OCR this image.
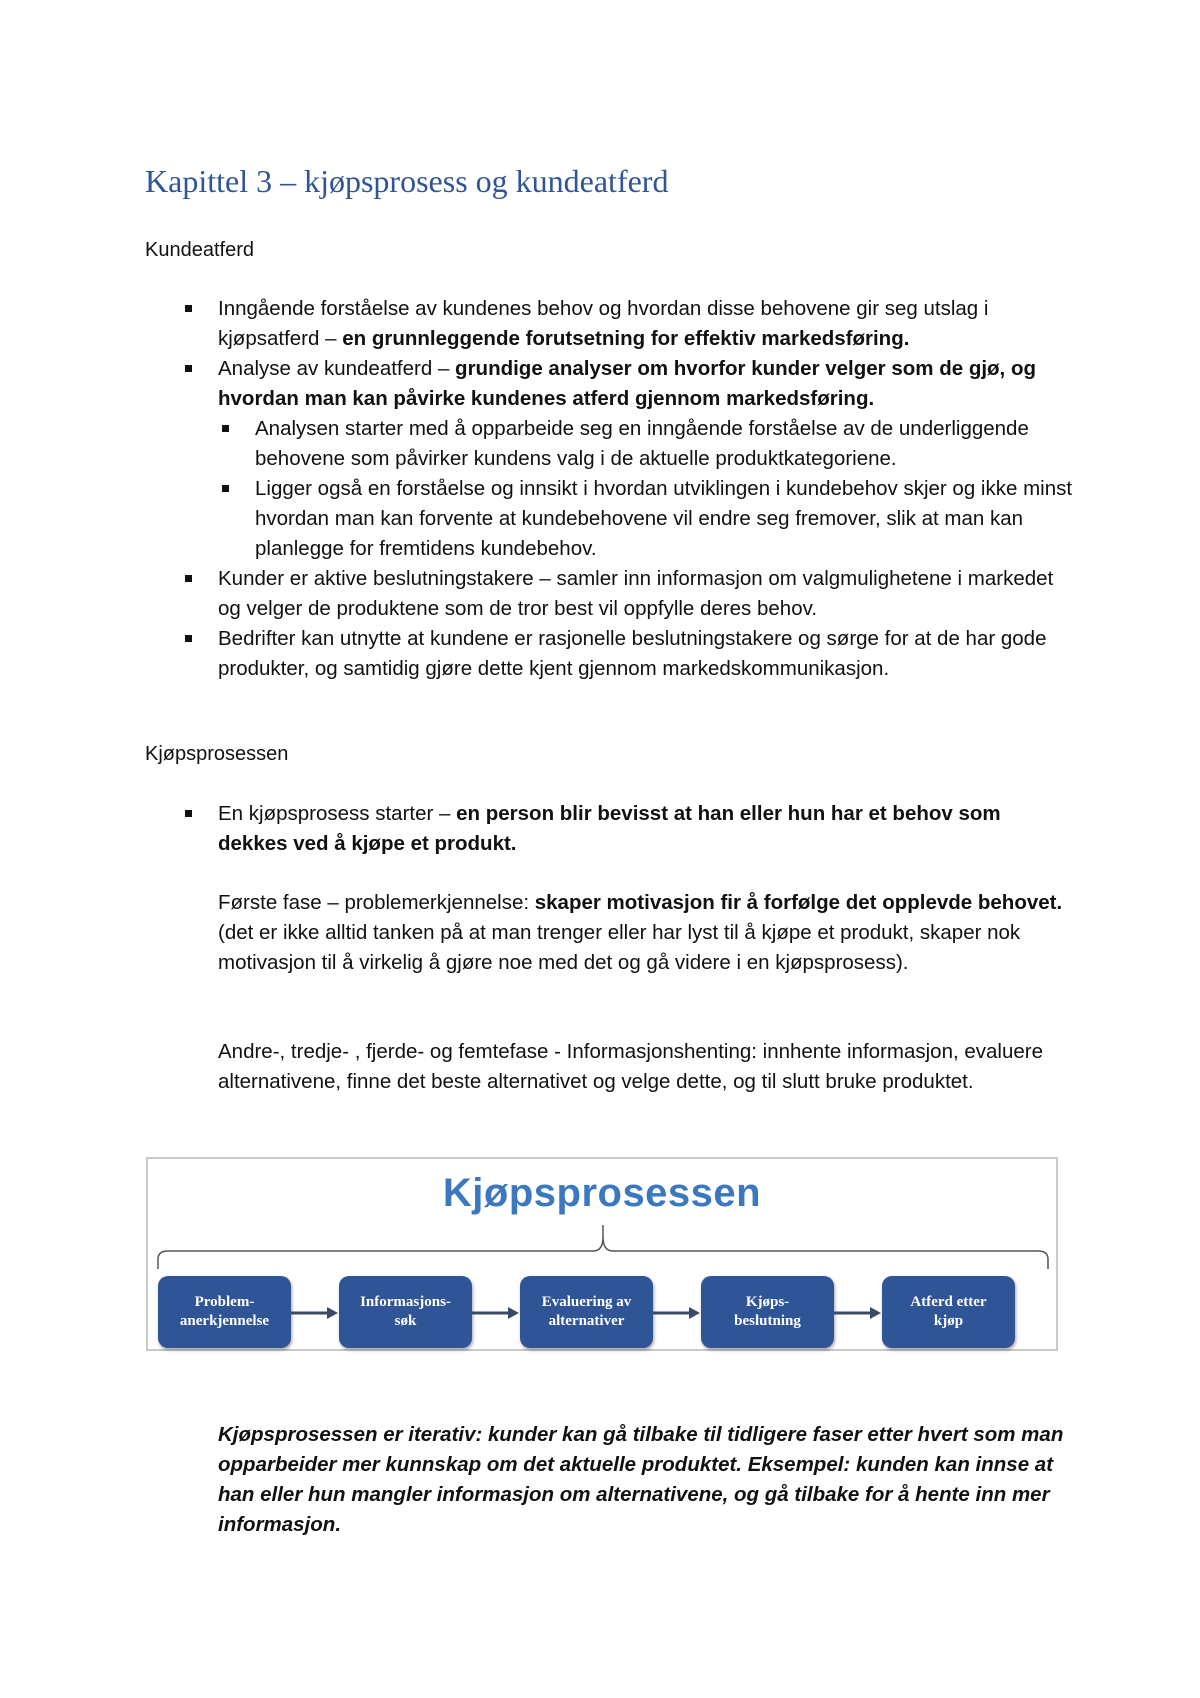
Kapittel 3 – kjøpsprosess og kundeatferd

Kundeatferd

Inngående forståelse av kundenes behov og hvordan disse behovene gir seg utslag i kjøpsatferd – en grunnleggende forutsetning for effektiv markedsføring.
Analyse av kundeatferd – grundige analyser om hvorfor kunder velger som de gjø, og hvordan man kan påvirke kundenes atferd gjennom markedsføring.
Analysen starter med å opparbeide seg en inngående forståelse av de underliggende behovene som påvirker kundens valg i de aktuelle produktkategoriene.
Ligger også en forståelse og innsikt i hvordan utviklingen i kundebehov skjer og ikke minst hvordan man kan forvente at kundebehovene vil endre seg fremover, slik at man kan planlegge for fremtidens kundebehov.
Kunder er aktive beslutningstakere – samler inn informasjon om valgmulighetene i markedet og velger de produktene som de tror best vil oppfylle deres behov.
Bedrifter kan utnytte at kundene er rasjonelle beslutningstakere og sørge for at de har gode produkter, og samtidig gjøre dette kjent gjennom markedskommunikasjon.

Kjøpsprosessen

En kjøpsprosess starter – en person blir bevisst at han eller hun har et behov som dekkes ved å kjøpe et produkt.

Første fase – problemerkjennelse: skaper motivasjon fir å forfølge det opplevde behovet. (det er ikke alltid tanken på at man trenger eller har lyst til å kjøpe et produkt, skaper nok motivasjon til å virkelig å gjøre noe med det og gå videre i en kjøpsprosess).

Andre-, tredje- , fjerde- og femtefase - Informasjonshenting: innhente informasjon, evaluere alternativene, finne det beste alternativet og velge dette, og til slutt bruke produktet.

Kjøpsprosessen
Problem-
anerkjennelse
Informasjons-
søk
Evaluering av
alternativer
Kjøps-
beslutning
Atferd etter
kjøp

Kjøpsprosessen er iterativ: kunder kan gå tilbake til tidligere faser etter hvert som man opparbeider mer kunnskap om det aktuelle produktet. Eksempel: kunden kan innse at han eller hun mangler informasjon om alternativene, og gå tilbake for å hente inn mer informasjon.
